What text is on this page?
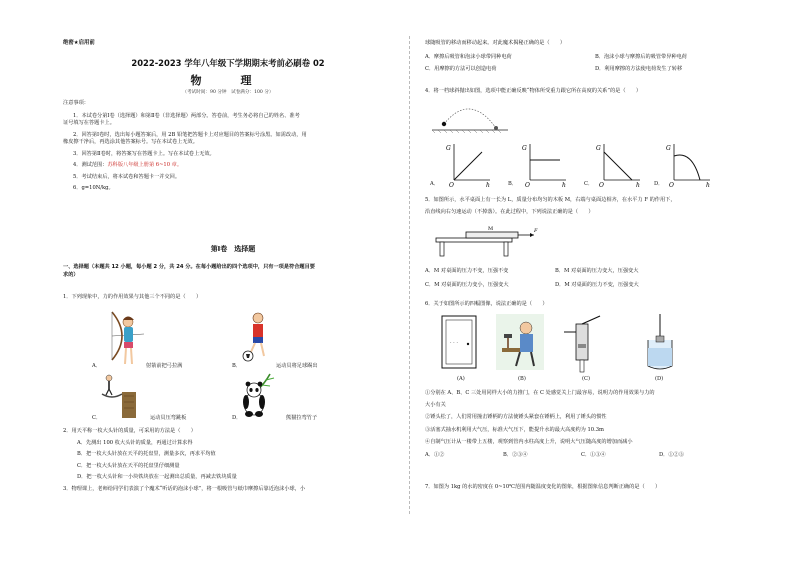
绝密★启用前
2022-2023 学年八年级下学期期末考前必刷卷 02
物　理
（考试时间：90 分钟　试卷满分：100 分）

注意事项：

1．本试卷分第Ⅰ卷（选择题）和第Ⅱ卷（非选择题）两部分。答卷前，考生务必将自己的姓名、准考

证号填写在答题卡上。

2．回答第Ⅰ卷时，选出每小题答案后，用 2B 铅笔把答题卡上对应题目的答案标号涂黑。如需改动，用

橡皮擦干净后，再选涂其他答案标号。写在本试卷上无效。

3．回答第Ⅱ卷时，将答案写在答题卡上。写在本试卷上无效。

4．测试范围：苏科版八年级上册第 6~10 章。

5．考试结束后，将本试卷和答题卡一并交回。

6．g=10N/kg。

第Ⅰ卷　选择题

一、选择题（本题共 12 小题，每小题 2 分，共 24 分。在每小题给出的四个选项中，只有一项是符合题目要

求的）

1．下列现象中，力的作用效果与其他三个不同的是（　　）
A．	射箭前把弓拉满	B．	运动员将足球踢出
C．	运动员压弯跳板	D．	熊猫拉弯竹子
2．用天平称一枚大头针的质量，可采用的方法是（　　）
A．先测出 100 枚大头针的质量，再通过计算求得
B．把一枚大头针放在天平的托盘里，测量多次，再求平均值
C．把一枚大头针放在天平的托盘里仔细测量
D．把一枚大头针和一小块铁块放在一起测出总质量，再减去铁块质量
3．物理课上，老师给同学们表演了个魔术“听话的泡沫小球”，将一根吸管与纸巾摩擦后靠近泡沫小球，小
球随吸管的移动而移动起来。对此魔术揭秘正确的是（　　）
A．摩擦后吸管和泡沫小球带同种电荷	B．泡沫小球与摩擦后的吸管带异种电荷
C．用摩擦的方法可以创造电荷	D．利用摩擦的方法使电荷发生了转移
4．将一档球斜抛出如图，选项中能正确反映“物体所受重力跟它所在高度的关系”的是（　　）
A．
G
h
O	B．
G
h
O	C．
G
h
O	D．
G
h
O
5．如图所示，水平桌面上有一长为 L，质量分布均匀的木板 M，右端与桌面边相齐，在水平力 F 的作用下，
沿直线向右匀速运动（不掉落）。在此过程中，下列说法正确的是（　　）
M	F
A．M 对桌面的压力不变，压强不变	B．M 对桌面的压力变大，压强变大
C．M 对桌面的压力变小，压强变大	D．M 对桌面的压力不变，压强变大
6．关于如图所示的四幅图像，说法正确的是（　　）
· · ·
(A)	(B)	(C)	(D)
①分别在 A、B、C 三处用同样大小的力推门，在 C 处感觉关上门最容易，说明力的作用效果与力的
大小有关
②锤头松了，人们常用撞击锤柄的方法使锤头紧套在锤柄上，利用了锤头的惯性
③活塞式抽水机利用大气压，标准大气压下，能提升水的最大高度约为 10.3m
④自制气压计从一楼带上五楼，观察到管内水柱高度上升，说明大气压随高度的增加而减小
A．①②	B．②③④	C．①③④	D．①②③
7．如图为 1kg 的水的密度在 0~10℃范围内随温度变化的图象，根据图象信息判断正确的是（　　）
